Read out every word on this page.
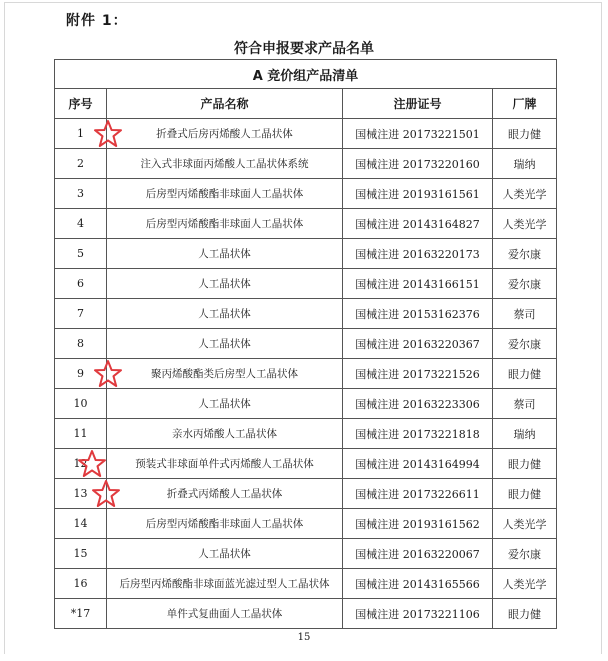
附件 1：
符合申报要求产品名单
A 竞价组产品清单			
序号	产品名称	注册证号	厂牌
1	折叠式后房丙烯酸人工晶状体	国械注进 20173221501	眼力健
2	注入式非球面丙烯酸人工晶状体系统	国械注进 20173220160	瑞纳
3	后房型丙烯酸酯非球面人工晶状体	国械注进 20193161561	人类光学
4	后房型丙烯酸酯非球面人工晶状体	国械注进 20143164827	人类光学
5	人工晶状体	国械注进 20163220173	爱尔康
6	人工晶状体	国械注进 20143166151	爱尔康
7	人工晶状体	国械注进 20153162376	蔡司
8	人工晶状体	国械注进 20163220367	爱尔康
9	聚丙烯酸酯类后房型人工晶状体	国械注进 20173221526	眼力健
10	人工晶状体	国械注进 20163223306	蔡司
11	亲水丙烯酸人工晶状体	国械注进 20173221818	瑞纳
12	预装式非球面单件式丙烯酸人工晶状体	国械注进 20143164994	眼力健
13	折叠式丙烯酸人工晶状体	国械注进 20173226611	眼力健
14	后房型丙烯酸酯非球面人工晶状体	国械注进 20193161562	人类光学
15	人工晶状体	国械注进 20163220067	爱尔康
16	后房型丙烯酸酯非球面蓝光滤过型人工晶状体	国械注进 20143165566	人类光学
*17	单件式复曲面人工晶状体	国械注进 20173221106	眼力健
15
